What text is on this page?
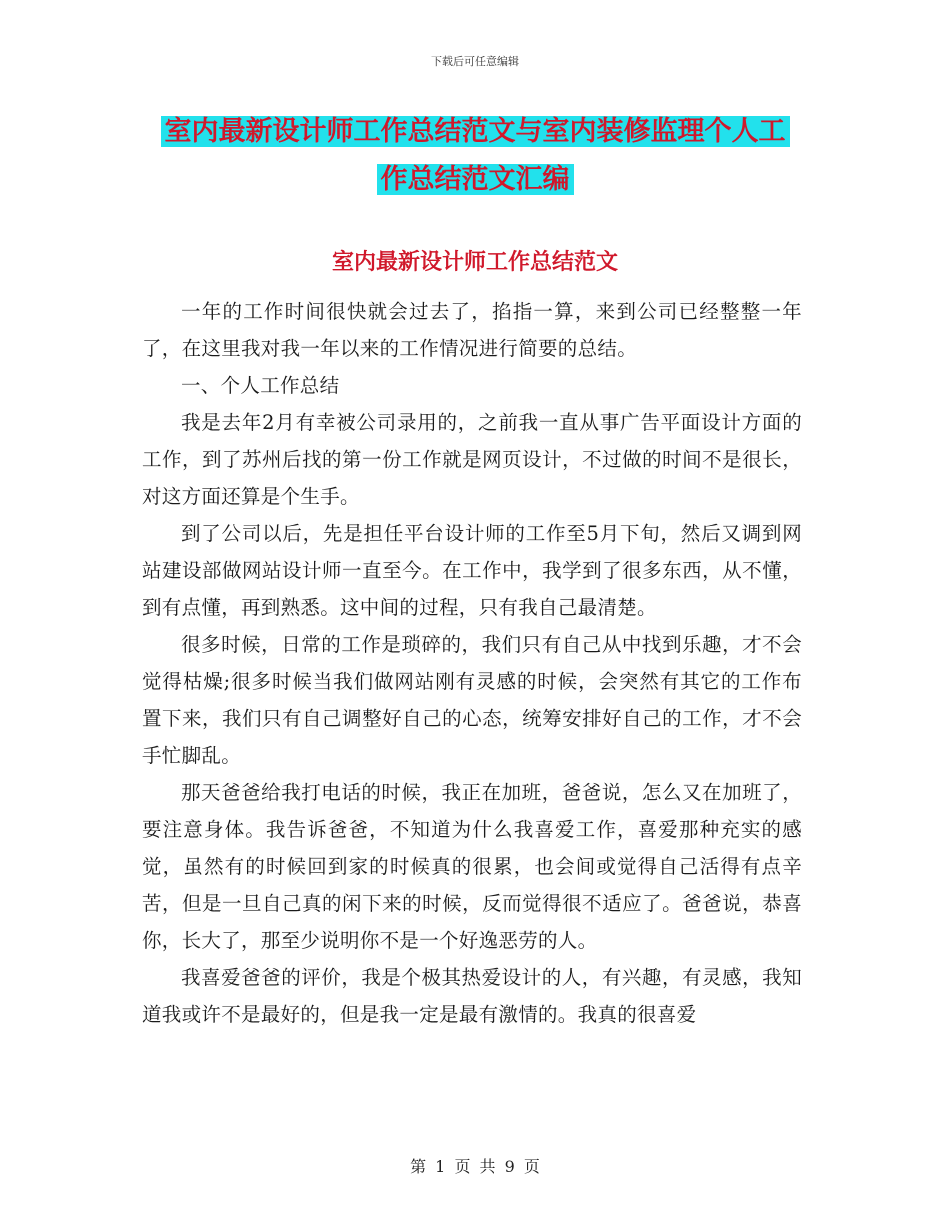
下载后可任意编辑
室内最新设计师工作总结范文与室内装修监理个人工
作总结范文汇编
室内最新设计师工作总结范文

一年的工作时间很快就会过去了，掐指一算，来到公司已经整整一年了，在这里我对我一年以来的工作情况进行简要的总结。

一、个人工作总结

我是去年2月有幸被公司录用的，之前我一直从事广告平面设计方面的工作，到了苏州后找的第一份工作就是网页设计，不过做的时间不是很长，对这方面还算是个生手。

到了公司以后，先是担任平台设计师的工作至5月下旬，然后又调到网站建设部做网站设计师一直至今。在工作中，我学到了很多东西，从不懂，到有点懂，再到熟悉。这中间的过程，只有我自己最清楚。

很多时候，日常的工作是琐碎的，我们只有自己从中找到乐趣，才不会觉得枯燥;很多时候当我们做网站刚有灵感的时候，会突然有其它的工作布置下来，我们只有自己调整好自己的心态，统筹安排好自己的工作，才不会手忙脚乱。

那天爸爸给我打电话的时候，我正在加班，爸爸说，怎么又在加班了，要注意身体。我告诉爸爸，不知道为什么我喜爱工作，喜爱那种充实的感觉，虽然有的时候回到家的时候真的很累，也会间或觉得自己活得有点辛苦，但是一旦自己真的闲下来的时候，反而觉得很不适应了。爸爸说，恭喜你，长大了，那至少说明你不是一个好逸恶劳的人。

我喜爱爸爸的评价，我是个极其热爱设计的人，有兴趣，有灵感，我知道我或许不是最好的，但是我一定是最有激情的。我真的很喜爱

第 1 页 共 9 页
